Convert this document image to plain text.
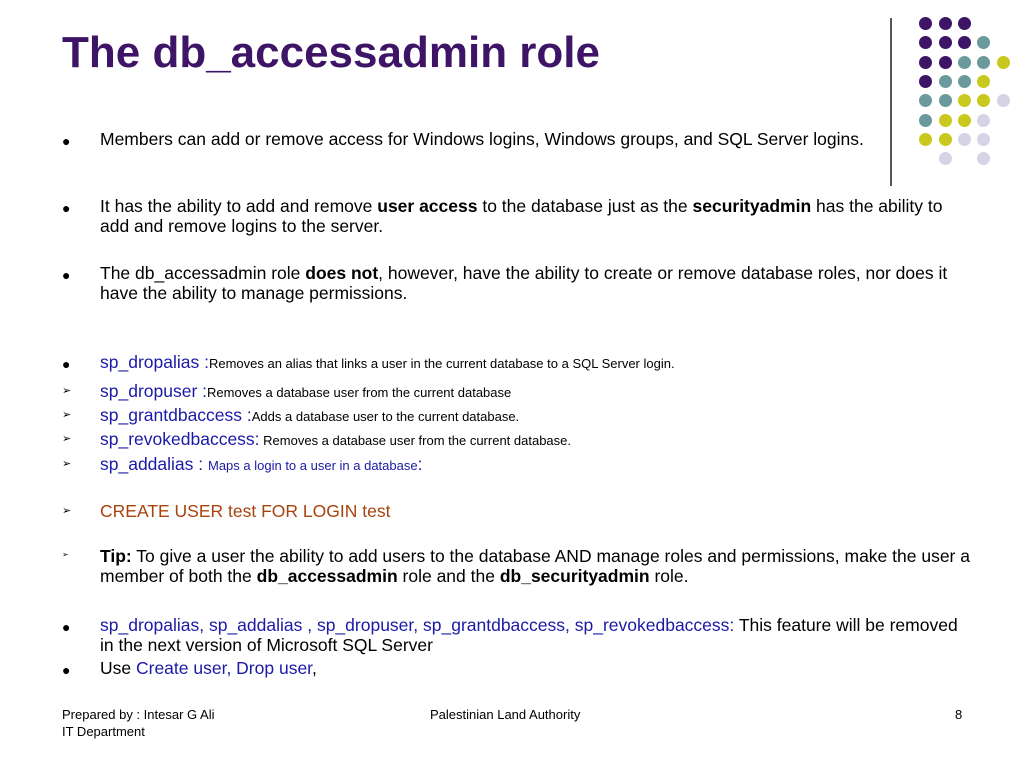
The db_accessadmin role
● Members can add or remove access for Windows logins, Windows groups, and SQL Server logins.
● It has the ability to add and remove user access to the database just as the securityadmin has the ability to add and remove logins to the server.
● The db_accessadmin role does not, however, have the ability to create or remove database roles, nor does it have the ability to manage permissions.
● sp_dropalias :Removes an alias that links a user in the current database to a SQL Server login.
➢ sp_dropuser :Removes a database user from the current database
➢ sp_grantdbaccess :Adds a database user to the current database.
➢ sp_revokedbaccess: Removes a database user from the current database.
➢ sp_addalias : Maps a login to a user in a database:
➢ CREATE USER test FOR LOGIN test
➢ Tip: To give a user the ability to add users to the database AND manage roles and permissions, make the user a member of both the db_accessadmin role and the db_securityadmin role.
● sp_dropalias, sp_addalias , sp_dropuser, sp_grantdbaccess, sp_revokedbaccess: This feature will be removed in the next version of Microsoft SQL Server
● Use Create user, Drop user,
Prepared by : Intesar G Ali
IT Department
Palestinian Land Authority	8
